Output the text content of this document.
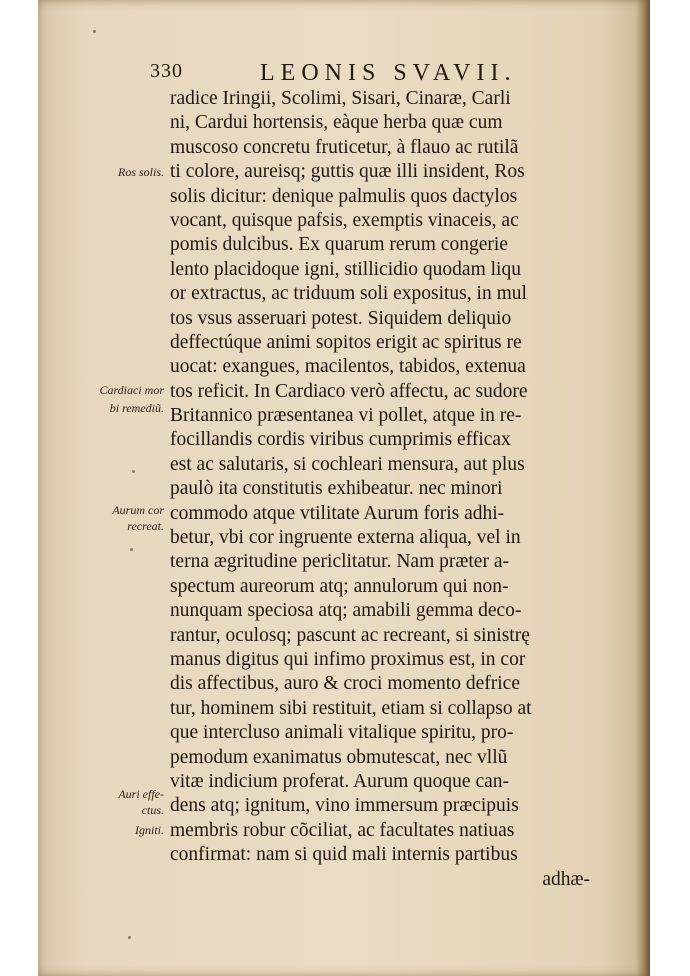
330	LEONIS SVAVII.
radice Iringii, Scolimi, Sisari, Cinaræ, Carli
ni, Cardui hortensis, eàque herba quæ cum
muscoso concretu fruticetur, à flauo ac rutilã
ti colore, aureisq; guttis quæ illi insident, Ros
solis dicitur: denique palmulis quos dactylos
vocant, quisque pafsis, exemptis vinaceis, ac
pomis dulcibus. Ex quarum rerum congerie
lento placidoque igni, stillicidio quodam liqu
or extractus, ac triduum soli expositus, in mul
tos vsus asseruari potest. Siquidem deliquio
deffectúque animi sopitos erigit ac spiritus re
uocat: exangues, macilentos, tabidos, extenua
tos reficit. In Cardiaco verò affectu, ac sudore
Britannico præsentanea vi pollet, atque in re-
focillandis cordis viribus cumprimis efficax
est ac salutaris, si cochleari mensura, aut plus
paulò ita constitutis exhibeatur. nec minori
commodo atque vtilitate Aurum foris adhi-
betur, vbi cor ingruente externa aliqua, vel in
terna ægritudine periclitatur. Nam præter a-
spectum aureorum atq; annulorum qui non-
nunquam speciosa atq; amabili gemma deco-
rantur, oculosq; pascunt ac recreant, si sinistrę
manus digitus qui infimo proximus est, in cor
dis affectibus, auro & croci momento defrice
tur, hominem sibi restituit, etiam si collapso at
que intercluso animali vitalique spiritu, pro-
pemodum exanimatus obmutescat, nec vllũ
vitæ indicium proferat. Aurum quoque can-
dens atq; ignitum, vino immersum præcipuis
membris robur cõciliat, ac facultates natiuas
confirmat: nam si quid mali internis partibus
adhæ-
Ros solis.
Cardiaci mor
bi remediũ.
Aurum cor
recreat.
Auri effe-
ctus.
Igniti.
